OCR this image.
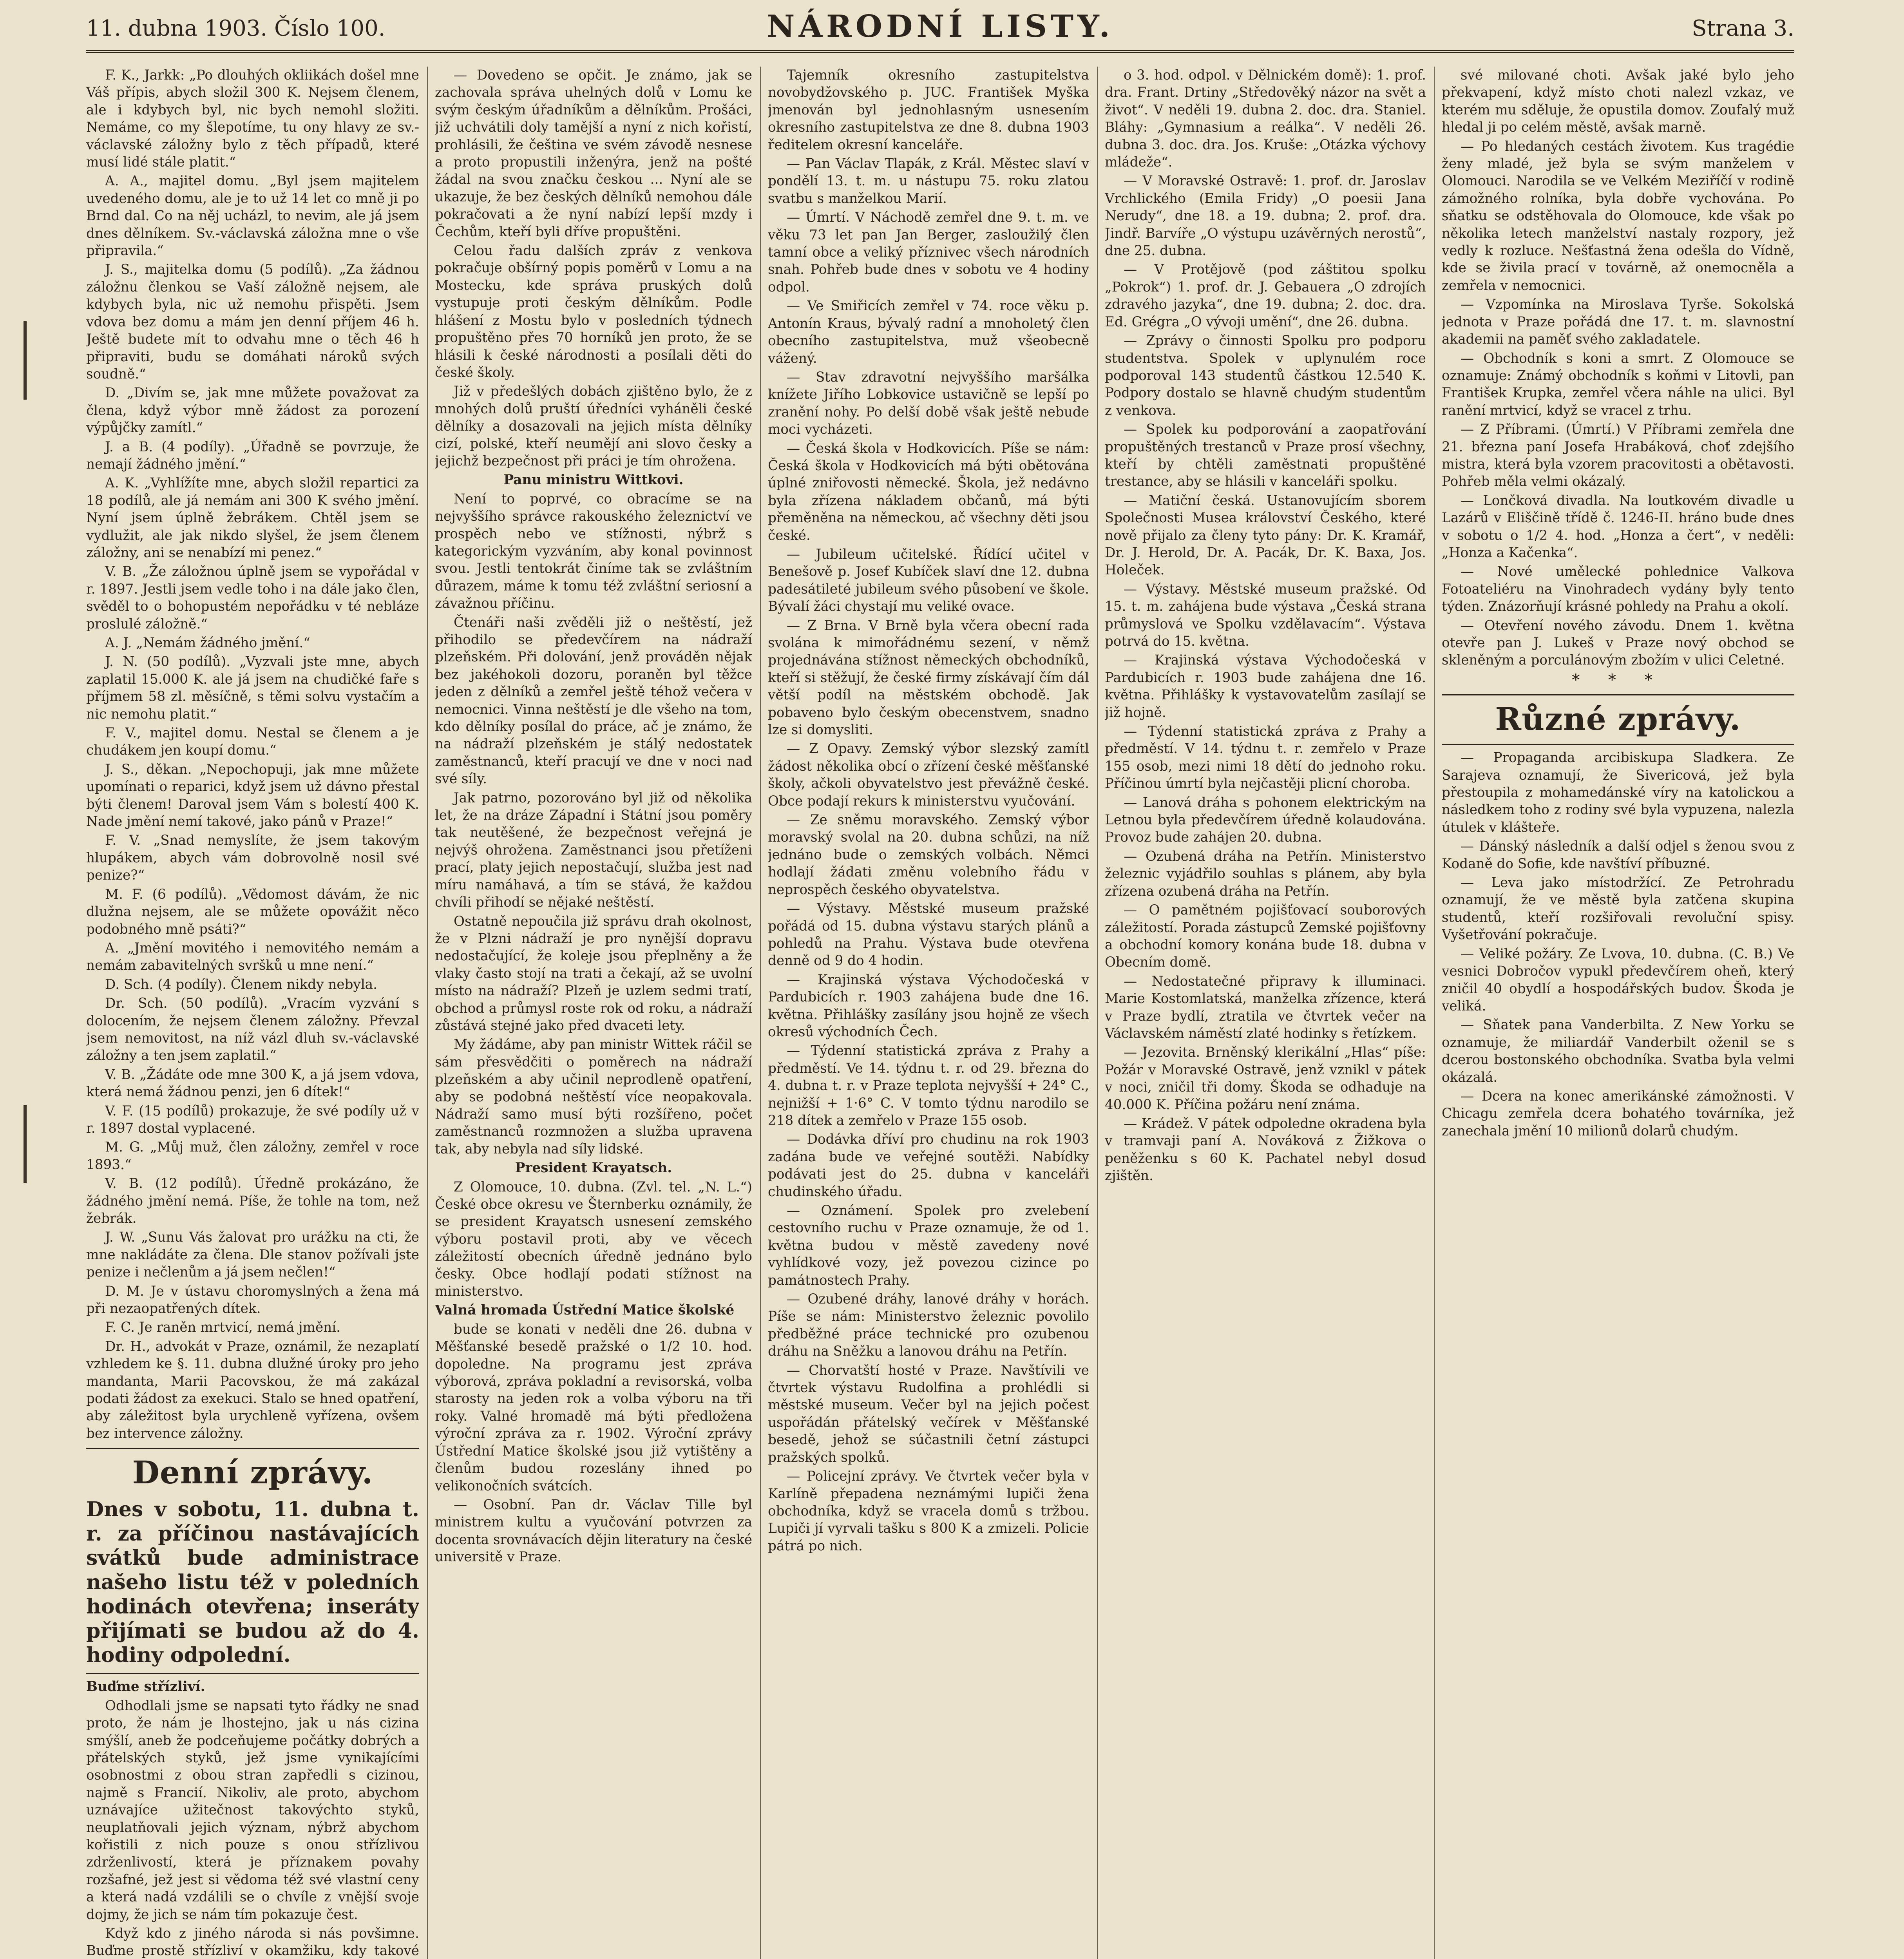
11. dubna 1903. Číslo 100.	NÁRODNÍ LISTY.	Strana 3.

F. K., Jarkk: „Po dlouhých okliikách došel mne Váš přípis, abych složil 300 K. Nejsem členem, ale i kdybych byl, nic bych nemohl složiti. Nemáme, co my šlepotíme, tu ony hlavy ze sv.-václavské záložny bylo z těch případů, které musí lidé stále platit.“

A. A., majitel domu. „Byl jsem majitelem uvedeného domu, ale je to už 14 let co mně ji po Brnd dal. Co na něj ucházl, to nevim, ale já jsem dnes dělníkem. Sv.-václavská záložna mne o vše připravila.“

J. S., majitelka domu (5 podílů). „Za žádnou záložnu členkou se Vaší záložně nejsem, ale kdybych byla, nic už nemohu přispěti. Jsem vdova bez domu a mám jen denní příjem 46 h. Ještě budete mít to odvahu mne o těch 46 h připraviti, budu se domáhati nároků svých soudně.“

D. „Divím se, jak mne můžete považovat za člena, když výbor mně žádost za porození výpůjčky zamítl.“

J. a B. (4 podíly). „Úřadně se povrzuje, že nemají žádného jmění.“

A. K. „Vyhlížíte mne, abych složil repartici za 18 podílů, ale já nemám ani 300 K svého jmění. Nyní jsem úplně žebrákem. Chtěl jsem se vydlužit, ale jak nikdo slyšel, že jsem členem záložny, ani se nenabízí mi penez.“

V. B. „Že záložnou úplně jsem se vypořádal v r. 1897. Jestli jsem vedle toho i na dále jako člen, svěděl to o bohopustém nepořádku v té nebláze proslulé záložně.“

A. J. „Nemám žádného jmění.“

J. N. (50 podílů). „Vyzvali jste mne, abych zaplatil 15.000 K. ale já jsem na chudičké faře s příjmem 58 zl. měsíčně, s těmi solvu vystačím a nic nemohu platit.“

F. V., majitel domu. Nestal se členem a je chudákem jen koupí domu.“

J. S., děkan. „Nepochopuji, jak mne můžete upomínati o reparici, když jsem už dávno přestal býti členem! Daroval jsem Vám s bolestí 400 K. Nade jmění nemí takové, jako pánů v Praze!“

F. V. „Snad nemyslíte, že jsem takovým hlupákem, abych vám dobrovolně nosil své penize?“

M. F. (6 podílů). „Vědomost dávám, že nic dlužna nejsem, ale se můžete opovážit něco podobného mně psáti?“

A. „Jmění movitého i nemovitého nemám a nemám zabavitelných svršků u mne není.“

D. Sch. (4 podíly). Členem nikdy nebyla.

Dr. Sch. (50 podílů). „Vracím vyzvání s dolocením, že nejsem členem záložny. Převzal jsem nemovitost, na níž vázl dluh sv.-václavské záložny a ten jsem zaplatil.“

V. B. „Žádáte ode mne 300 K, a já jsem vdova, která nemá žádnou penzi, jen 6 dítek!“

V. F. (15 podílů) prokazuje, že své podíly už v r. 1897 dostal vyplacené.

M. G. „Můj muž, člen záložny, zemřel v roce 1893.“

V. B. (12 podílů). Úředně prokázáno, že žádného jmění nemá. Píše, že tohle na tom, než žebrák.

J. W. „Sunu Vás žalovat pro urážku na cti, že mne nakládáte za člena. Dle stanov požívali jste penize i nečlenům a já jsem nečlen!“

D. M. Je v ústavu choromyslných a žena má při nezaopatřených dítek.

F. C. Je raněn mrtvicí, nemá jmění.

Dr. H., advokát v Praze, oznámil, že nezaplatí vzhledem ke §. 11. dubna dlužné úroky pro jeho mandanta, Marii Pacovskou, že má zakázal podati žádost za exekuci. Stalo se hned opatření, aby záležitost byla urychleně vyřízena, ovšem bez intervence záložny.

Denní zprávy.
Dnes v sobotu, 11. dubna t. r. za příčinou nastávajících svátků bude administrace našeho listu též v poledních hodinách otevřena; inseráty přijímati se budou až do 4. hodiny odpolední.

Buďme střízliví.

Odhodlali jsme se napsati tyto řádky ne snad proto, že nám je lhostejno, jak u nás cizina smýšlí, aneb že podceňujeme počátky dobrých a přátelských styků, jež jsme vynikajícími osobnostmi z obou stran zapředli s cizinou, najmě s Francií. Nikoliv, ale proto, abychom uznávajíce užitečnost takovýchto styků, neuplatňovali jejich význam, nýbrž abychom kořistili z nich pouze s onou střízlivou zdrženlivostí, která je příznakem povahy rozšafné, jež jest si vědoma též své vlastní ceny a která nadá vzdálili se o chvíle z vnější svoje dojmy, že jich se nám tím pokazuje čest.

Když kdo z jiného národa si nás povšimne. Buďme prostě střízliví v okamžiku, kdy takové

— Dovedeno se opčit. Je známo, jak se zachovala správa uhelných dolů v Lomu ke svým českým úřadníkům a dělníkům. Prošáci, již uchvátili doly tamější a nyní z nich kořistí, prohlásili, že čeština ve svém závodě nesnese a proto propustili inženýra, jenž na pošté žádal na svou značku českou ... Nyní ale se ukazuje, že bez českých dělníků nemohou dále pokračovati a že nyní nabízí lepší mzdy i Čechům, kteří byli dříve propuštěni.

Celou řadu dalších zpráv z venkova pokračuje obšírný popis poměrů v Lomu a na Mostecku, kde správa pruských dolů vystupuje proti českým dělníkům. Podle hlášení z Mostu bylo v posledních týdnech propuštěno přes 70 horníků jen proto, že se hlásili k české národnosti a posílali děti do české školy.

Již v předešlých dobách zjištěno bylo, že z mnohých dolů pruští úředníci vyháněli české dělníky a dosazovali na jejich místa dělníky cizí, polské, kteří neumějí ani slovo česky a jejichž bezpečnost při práci je tím ohrožena.

Panu ministru Wittkovi.

Není to poprvé, co obracíme se na nejvyššího správce rakouského železnictví ve prospěch nebo ve stížnosti, nýbrž s kategorickým vyzváním, aby konal povinnost svou. Jestli tentokrát činíme tak se zvláštním důrazem, máme k tomu též zvláštní seriosní a závažnou příčinu.

Čtenáři naši zvěděli již o neštěstí, jež přihodilo se předevčírem na nádraží plzeňském. Při dolování, jenž prováděn nějak bez jakéhokoli dozoru, poraněn byl těžce jeden z dělníků a zemřel ještě téhož večera v nemocnici. Vinna neštěstí je dle všeho na tom, kdo dělníky posílal do práce, ač je známo, že na nádraží plzeňském je stálý nedostatek zaměstnanců, kteří pracují ve dne v noci nad své síly.

Jak patrno, pozorováno byl již od několika let, že na dráze Západní i Státní jsou poměry tak neutěšené, že bezpečnost veřejná je nejvýš ohrožena. Zaměstnanci jsou přetíženi prací, platy jejich nepostačují, služba jest nad míru namáhavá, a tím se stává, že každou chvíli přihodí se nějaké neštěstí.

Ostatně nepoučila již správu drah okolnost, že v Plzni nádraží je pro nynější dopravu nedostačující, že koleje jsou přeplněny a že vlaky často stojí na trati a čekají, až se uvolní místo na nádraží? Plzeň je uzlem sedmi tratí, obchod a průmysl roste rok od roku, a nádraží zůstává stejné jako před dvaceti lety.

My žádáme, aby pan ministr Wittek ráčil se sám přesvědčiti o poměrech na nádraží plzeňském a aby učinil neprodleně opatření, aby se podobná neštěstí více neopakovala. Nádraží samo musí býti rozšířeno, počet zaměstnanců rozmnožen a služba upravena tak, aby nebyla nad síly lidské.

President Krayatsch.

Z Olomouce, 10. dubna. (Zvl. tel. „N. L.“) České obce okresu ve Šternberku oznámily, že se president Krayatsch usnesení zemského výboru postavil proti, aby ve věcech záležitostí obecních úředně jednáno bylo česky. Obce hodlají podati stížnost na ministerstvo.

Valná hromada Ústřední Matice školské

bude se konati v neděli dne 26. dubna v Měšťanské besedě pražské o 1/2 10. hod. dopoledne. Na programu jest zpráva výborová, zpráva pokladní a revisorská, volba starosty na jeden rok a volba výboru na tři roky. Valné hromadě má býti předložena výroční zpráva za r. 1902. Výroční zprávy Ústřední Matice školské jsou již vytištěny a členům budou rozeslány ihned po velikonočních svátcích.

— Osobní. Pan dr. Václav Tille byl ministrem kultu a vyučování potvrzen za docenta srovnávacích dějin literatury na české universitě v Praze.

Tajemník okresního zastupitelstva novobydžovského p. JUC. František Myška jmenován byl jednohlasným usnesením okresního zastupitelstva ze dne 8. dubna 1903 ředitelem okresní kanceláře.

— Pan Václav Tlapák, z Král. Městec slaví v pondělí 13. t. m. u nástupu 75. roku zlatou svatbu s manželkou Marií.

— Úmrtí. V Náchodě zemřel dne 9. t. m. ve věku 73 let pan Jan Berger, zasloužilý člen tamní obce a veliký příznivec všech národních snah. Pohřeb bude dnes v sobotu ve 4 hodiny odpol.

— Ve Smiřicích zemřel v 74. roce věku p. Antonín Kraus, bývalý radní a mnoholetý člen obecního zastupitelstva, muž všeobecně vážený.

— Stav zdravotní nejvyššího maršálka knížete Jiřího Lobkovice ustavičně se lepší po zranění nohy. Po delší době však ještě nebude moci vycházeti.

— Česká škola v Hodkovicích. Píše se nám: Česká škola v Hodkovicích má býti obětována úplné zniřovosti německé. Škola, jež nedávno byla zřízena nákladem občanů, má býti přeměněna na německou, ač všechny děti jsou české.

— Jubileum učitelské. Řídící učitel v Benešově p. Josef Kubíček slaví dne 12. dubna padesátileté jubileum svého působení ve škole. Bývalí žáci chystají mu veliké ovace.

— Z Brna. V Brně byla včera obecní rada svolána k mimořádnému sezení, v němž projednávána stížnost německých obchodníků, kteří si stěžují, že české firmy získávají čím dál větší podíl na městském obchodě. Jak pobaveno bylo českým obecenstvem, snadno lze si domysliti.

— Z Opavy. Zemský výbor slezský zamítl žádost několika obcí o zřízení české měšťanské školy, ačkoli obyvatelstvo jest převážně české. Obce podají rekurs k ministerstvu vyučování.

— Ze sněmu moravského. Zemský výbor moravský svolal na 20. dubna schůzi, na níž jednáno bude o zemských volbách. Němci hodlají žádati změnu volebního řádu v neprospěch českého obyvatelstva.

— Výstavy. Městské museum pražské pořádá od 15. dubna výstavu starých plánů a pohledů na Prahu. Výstava bude otevřena denně od 9 do 4 hodin.

— Krajinská výstava Východočeská v Pardubicích r. 1903 zahájena bude dne 16. května. Přihlášky zasílány jsou hojně ze všech okresů východních Čech.

— Týdenní statistická zpráva z Prahy a předměstí. Ve 14. týdnu t. r. od 29. března do 4. dubna t. r. v Praze teplota nejvyšší + 24° C., nejnižší + 1·6° C. V tomto týdnu narodilo se 218 dítek a zemřelo v Praze 155 osob.

— Dodávka dříví pro chudinu na rok 1903 zadána bude ve veřejné soutěži. Nabídky podávati jest do 25. dubna v kanceláři chudinského úřadu.

— Oznámení. Spolek pro zvelebení cestovního ruchu v Praze oznamuje, že od 1. května budou v městě zavedeny nové vyhlídkové vozy, jež povezou cizince po památnostech Prahy.

— Ozubené dráhy, lanové dráhy v horách. Píše se nám: Ministerstvo železnic povolilo předběžné práce technické pro ozubenou dráhu na Sněžku a lanovou dráhu na Petřín.

— Chorvatští hosté v Praze. Navštívili ve čtvrtek výstavu Rudolfina a prohlédli si městské museum. Večer byl na jejich počest uspořádán přátelský večírek v Měšťanské besedě, jehož se súčastnili četní zástupci pražských spolků.

— Policejní zprávy. Ve čtvrtek večer byla v Karlíně přepadena neznámými lupiči žena obchodníka, když se vracela domů s tržbou. Lupiči jí vyrvali tašku s 800 K a zmizeli. Policie pátrá po nich.

o 3. hod. odpol. v Dělnickém domě): 1. prof. dra. Frant. Drtiny „Středověký názor na svět a život“. V neděli 19. dubna 2. doc. dra. Staniel. Bláhy: „Gymnasium a reálka“. V neděli 26. dubna 3. doc. dra. Jos. Kruše: „Otázka výchovy mládeže“.

— V Moravské Ostravě: 1. prof. dr. Jaroslav Vrchlického (Emila Fridy) „O poesii Jana Nerudy“, dne 18. a 19. dubna; 2. prof. dra. Jindř. Barvíře „O výstupu uzávěrných nerostů“, dne 25. dubna.

— V Protějově (pod záštitou spolku „Pokrok“) 1. prof. dr. J. Gebauera „O zdrojích zdravého jazyka“, dne 19. dubna; 2. doc. dra. Ed. Grégra „O vývoji umění“, dne 26. dubna.

— Zprávy o činnosti Spolku pro podporu studentstva. Spolek v uplynulém roce podporoval 143 studentů částkou 12.540 K. Podpory dostalo se hlavně chudým studentům z venkova.

— Spolek ku podporování a zaopatřování propuštěných trestanců v Praze prosí všechny, kteří by chtěli zaměstnati propuštěné trestance, aby se hlásili v kanceláři spolku.

— Matiční česká. Ustanovujícím sborem Společnosti Musea království Českého, které nově přijalo za členy tyto pány: Dr. K. Kramář, Dr. J. Herold, Dr. A. Pacák, Dr. K. Baxa, Jos. Holeček.

— Výstavy. Městské museum pražské. Od 15. t. m. zahájena bude výstava „Česká strana průmyslová ve Spolku vzdělavacím“. Výstava potrvá do 15. května.

— Krajinská výstava Východočeská v Pardubicích r. 1903 bude zahájena dne 16. května. Přihlášky k vystavovatelům zasílají se již hojně.

— Týdenní statistická zpráva z Prahy a předměstí. V 14. týdnu t. r. zemřelo v Praze 155 osob, mezi nimi 18 dětí do jednoho roku. Příčinou úmrtí byla nejčastěji plicní choroba.

— Lanová dráha s pohonem elektrickým na Letnou byla předevčírem úředně kolaudována. Provoz bude zahájen 20. dubna.

— Ozubená dráha na Petřín. Ministerstvo železnic vyjádřilo souhlas s plánem, aby byla zřízena ozubená dráha na Petřín.

— O pamětném pojišťovací souborových záležitostí. Porada zástupců Zemské pojišťovny a obchodní komory konána bude 18. dubna v Obecním domě.

— Nedostatečné připravy k illuminaci. Marie Kostomlatská, manželka zřízence, která v Praze bydlí, ztratila ve čtvrtek večer na Václavském náměstí zlaté hodinky s řetízkem.

— Jezovita. Brněnský klerikální „Hlas“ píše: Požár v Moravské Ostravě, jenž vznikl v pátek v noci, zničil tři domy. Škoda se odhaduje na 40.000 K. Příčina požáru není známa.

— Krádež. V pátek odpoledne okradena byla v tramvaji paní A. Nováková z Žižkova o peněženku s 60 K. Pachatel nebyl dosud zjištěn.

své milované choti. Avšak jaké bylo jeho překvapení, když místo choti nalezl vzkaz, ve kterém mu sděluje, že opustila domov. Zoufalý muž hledal ji po celém městě, avšak marně.

— Po hledaných cestách životem. Kus tragédie ženy mladé, jež byla se svým manželem v Olomouci. Narodila se ve Velkém Meziříčí v rodině zámožného rolníka, byla dobře vychována. Po sňatku se odstěhovala do Olomouce, kde však po několika letech manželství nastaly rozpory, jež vedly k rozluce. Nešťastná žena odešla do Vídně, kde se živila prací v továrně, až onemocněla a zemřela v nemocnici.

— Vzpomínka na Miroslava Tyrše. Sokolská jednota v Praze pořádá dne 17. t. m. slavnostní akademii na paměť svého zakladatele.

— Obchodník s koni a smrt. Z Olomouce se oznamuje: Známý obchodník s koňmi v Litovli, pan František Krupka, zemřel včera náhle na ulici. Byl ranění mrtvicí, když se vracel z trhu.

— Z Příbrami. (Úmrtí.) V Příbrami zemřela dne 21. března paní Josefa Hrabáková, choť zdejšího mistra, která byla vzorem pracovitosti a obětavosti. Pohřeb měla velmi okázalý.

— Lončková divadla. Na loutkovém divadle u Lazárů v Eliščině třídě č. 1246-II. hráno bude dnes v sobotu o 1/2 4. hod. „Honza a čert“, v neděli: „Honza a Kačenka“.

— Nové umělecké pohlednice Valkova Fotoateliéru na Vinohradech vydány byly tento týden. Znázorňují krásné pohledy na Prahu a okolí.

— Otevření nového závodu. Dnem 1. května otevře pan J. Lukeš v Praze nový obchod se skleněným a porculánovým zbožím v ulici Celetné.

* * *
Různé zprávy.

— Propaganda arcibiskupa Sladkera. Ze Sarajeva oznamují, že Sivericová, jež byla přestoupila z mohamedánské víry na katolickou a následkem toho z rodiny své byla vypuzena, nalezla útulek v klášteře.

— Dánský následník a další odjel s ženou svou z Kodaně do Sofie, kde navštíví příbuzné.

— Leva jako místodržící. Ze Petrohradu oznamují, že ve městě byla zatčena skupina studentů, kteří rozšiřovali revoluční spisy. Vyšetřování pokračuje.

— Veliké požáry. Ze Lvova, 10. dubna. (C. B.) Ve vesnici Dobročov vypukl předevčírem oheň, který zničil 40 obydlí a hospodářských budov. Škoda je veliká.

— Sňatek pana Vanderbilta. Z New Yorku se oznamuje, že miliardář Vanderbilt oženil se s dcerou bostonského obchodníka. Svatba byla velmi okázalá.

— Dcera na konec amerikánské zámožnosti. V Chicagu zemřela dcera bohatého továrníka, jež zanechala jmění 10 milionů dolarů chudým.
